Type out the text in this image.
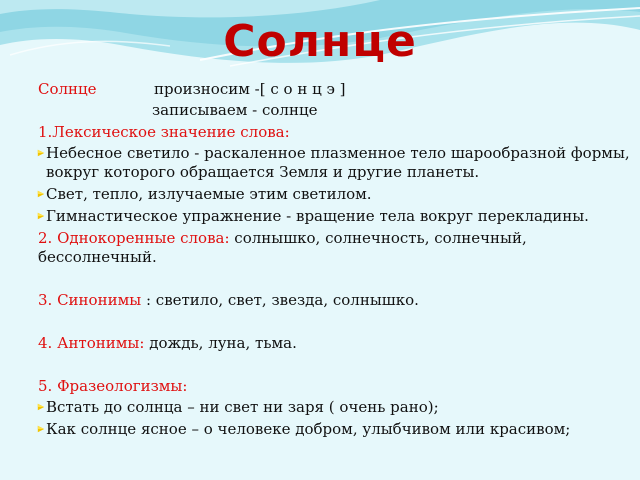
Солнце
Солнце	произносим -[ с о н ц э ]
записываем - солнце
1.Лексическое значение слова:
Небесное светило - раскаленное плазменное тело шарообразной формы, вокруг которого обращается Земля и другие планеты.
Свет, тепло, излучаемые этим светилом.
Гимнастическое упражнение - вращение тела вокруг перекладины.
2. Однокоренные слова: солнышко, солнечность, солнечный, бессолнечный.
3. Синонимы : светило, свет, звезда, солнышко.
4. Антонимы: дождь, луна, тьма.
5. Фразеологизмы:
Встать до солнца – ни свет ни заря ( очень рано);
Как солнце ясное – о человеке добром, улыбчивом или красивом;
